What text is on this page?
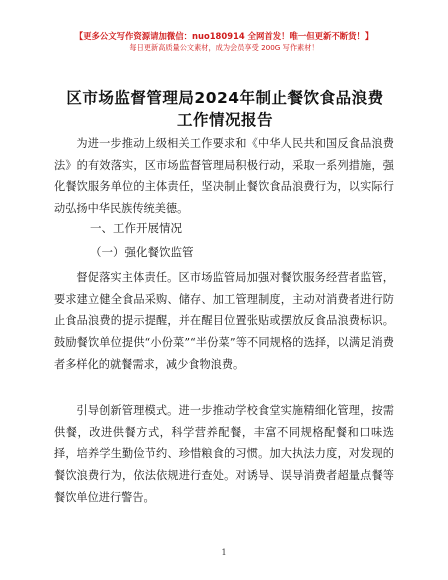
【更多公文写作资源请加微信：nuo180914 全网首发！唯一但更新不断货！】
每日更新高质量公文素材，成为会员享受 200G 写作素材！
区市场监督管理局2024年制止餐饮食品浪费工作情况报告

为进一步推动上级相关工作要求和《中华人民共和国反食品浪费法》的有效落实，区市场监督管理局积极行动，采取一系列措施，强化餐饮服务单位的主体责任，坚决制止餐饮食品浪费行为，以实际行动弘扬中华民族传统美德。

一、工作开展情况
（一）强化餐饮监管

督促落实主体责任。区市场监管局加强对餐饮服务经营者监管，要求建立健全食品采购、储存、加工管理制度，主动对消费者进行防止食品浪费的提示提醒，并在醒目位置张贴或摆放反食品浪费标识。鼓励餐饮单位提供“小份菜”“半份菜”等不同规格的选择，以满足消费者多样化的就餐需求，减少食物浪费。

引导创新管理模式。进一步推动学校食堂实施精细化管理，按需供餐，改进供餐方式，科学营养配餐，丰富不同规格配餐和口味选择，培养学生勤俭节约、珍惜粮食的习惯。加大执法力度，对发现的餐饮浪费行为，依法依规进行查处。对诱导、误导消费者超量点餐等餐饮单位进行警告。

1
